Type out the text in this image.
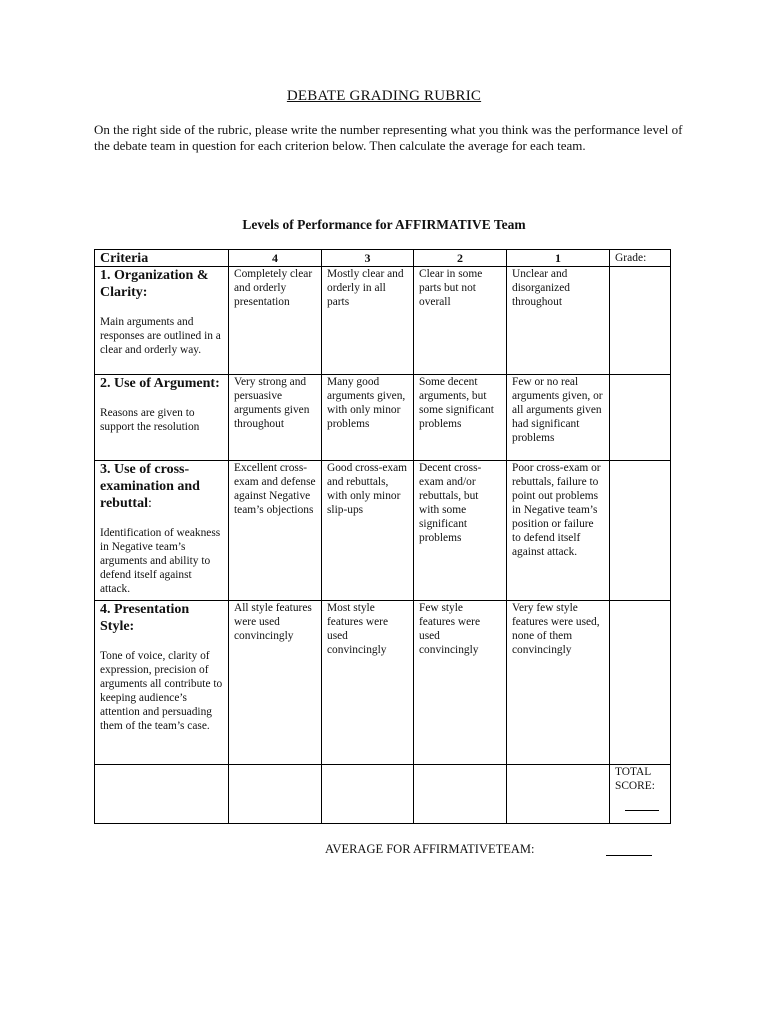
DEBATE GRADING RUBRIC
On the right side of the rubric, please write the number representing what you think was the performance level of the debate team in question for each criterion below. Then calculate the average for each team.
Levels of Performance for AFFIRMATIVE Team
Criteria	4	3	2	1	Grade:

1. Organization & Clarity:
Main arguments and responses are outlined in a clear and orderly way.	Completely clear and orderly presentation	Mostly clear and orderly in all parts	Clear in some parts but not overall	Unclear and disorganized throughout	

2. Use of Argument:
Reasons are given to support the resolution	Very strong and persuasive arguments given throughout	Many good arguments given, with only minor problems	Some decent arguments, but some significant problems	Few or no real arguments given, or all arguments given had significant problems	

3. Use of cross-examination and rebuttal:
Identification of weakness in Negative team’s arguments and ability to defend itself against attack.	Excellent cross-exam and defense against Negative team’s objections	Good cross-exam and rebuttals, with only minor slip-ups	Decent cross-exam and/or rebuttals, but with some significant problems	Poor cross-exam or rebuttals, failure to point out problems in Negative team’s position or failure to defend itself against attack.	

4. Presentation Style:
Tone of voice, clarity of expression, precision of arguments all contribute to keeping audience’s attention and persuading them of the team’s case.	All style features were used convincingly	Most style features were used convincingly	Few style features were used convincingly	Very few style features were used, none of them convincingly	
					TOTAL SCORE:
AVERAGE FOR AFFIRMATIVETEAM:
